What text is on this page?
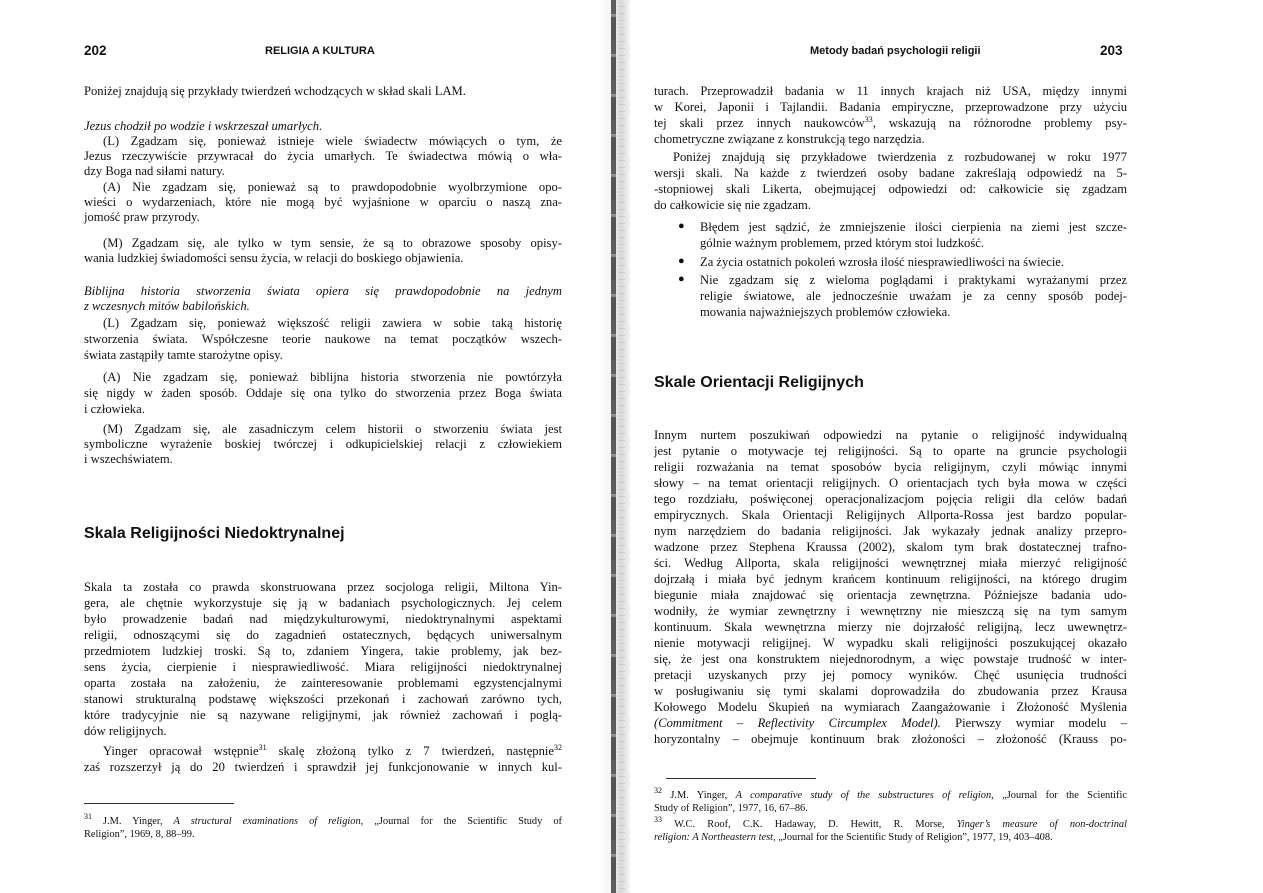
202	RELIGIA A KULTURA
Poniżej znajdują się przykłady twierdzeń wchodzących w skład skali LAM.
Jezus chodził po wodzie i wskrzeszał umarłych.
(L) Zgadzam się, ponieważ istnieje wiele świadectw mówiących o tym, że
Jezus rzeczywiście przywracał do życia umarłych. Te świadectwa mówią o wła-
dzy Boga nad siłami natury.
(A) Nie zgadzam się, ponieważ są to prawdopodobnie wyolbrzymione opo-
wieści o wydarzeniach, które nie mogą być wyjaśnione w oparciu o naszą zna-
jomość praw przyrody.
(M) Zgadzam się, ale tylko w tym sensie, że są to obrazowe sposoby opisy-
wania ludzkiej świadomości sensu życia, w relacji do boskiego objawienia.
Biblijna historia stworzenia świata opiera się prawdopodobnie na jednym
z wczesnych mitów babilońskich.
(L) Zgadzam się, ponieważ większość religii zawiera w sobie taką historię
stworzenia świata. Współczesne teorie naukowe na temat początków wszech-
świata zastąpiły tamte starożytne opisy.
(A) Nie zgadzam się, ponieważ biblijna historia stworzenia nie powtórzyła
się nigdy w żaden sposób. Oddaje się ona tylko do stworzenia przez Boga świata
i człowieka.
(M) Zgadzam się, ale zasadniczym celem historii o stworzeniu świata jest
symboliczne wyrażenie boskiej twórczej i odkupicielskiej relacji z człowiekiem
i wszechświatem.
Skala Religijności Niedoktrynalnej
Skala ta została co prawda skonstruowana przez socjologa religii, Miltona Yin-
gera, ale chętnie wykorzystuje się ją w badaniach psychologicznych. Jej celem
było prowadzenie badań nad międzykulturowymi, niedoktrynalnymi aspektami
religii, odnoszącymi się do zagadnień ostatecznych, będących uniwersalnym
przedmiotem ludzkiej troski. Są to, zdaniem Yingera, takie problemy, jak bez-
sens życia, cierpienie i niesprawiedliwość. Miara religijności niedoktrynalnej
oparta została na założeniu, że zainteresowanie problemami egzystencjalnymi
stanowi strukturalną podstawę większości przekonań i zachowań zarówno tych,
które tradycyjnie nie są nazywane religijnymi, jak również zachowań i poglą-
dów religijnych.
Yinger opracował wstępnie$^{31}$ skalę złożoną tylko z 7 twierdzeń, następnie$^{32}$
zaś rozszerzył ją do 20 twierdzeń i sprawdził jej funkcjonowanie w innych kul-
$^{31}$ J.M. Yinger, A structural examinations of religion, „Journal for the Scientific Study of
Religion”, 1969, 8, 88–99.
Metody badań psychologii religii	203
turach. Przeprowadził badania w 11 innych krajach niż USA, między innymi
w Korei, Japonii i Tajlandii. Badania empiryczne, przeprowadzone przy użyciu
tej skali przez innych naukowców$^{33}$, wskazują na różnorodne problemy psy-
chometryczne związane z konstrukcją tego narzędzia.
Poniżej znajdują się przykładowe twierdzenia z rozbudowanej w roku 1977
wersji skali. Na każde z twierdzeń osoby badane zakreślają odpowiedź na 5-
-stopniowej skali Likerta, obejmującej odpowiedzi od: całkowicie się zgadzam
do całkowicie się nie zgadzam.
● Błędem jest sądzić, że zmniejszenie ilości cierpienia na ziemi jest szcze-
gólnie ważnym problemem, przed którym stoi ludzkość.
● Za życia ostatnich pokoleń wzrosła ilość niesprawiedliwości na świecie.
● Nie zgadzam się z wieloma poglądami i praktykami wyrażanymi przez
religie światowe, ale jednocześnie uważam je za cenny sposób podej-
mowania najważniejszych problemów człowieka.
Skale Orientacji Religijnych
Innym nurtem poszukiwań odpowiedzi na pytanie o religijność indywidualną
jest pytanie o motywacje tej religijności. Są to oparte na gruncie psychologii
religii rozważania na temat sposobów bycia religijnym, czyli mówiąc innymi
słowy – na temat orientacji religijnych. O orientacjach tych była mowa w części
tego rozdziału, poświęconej operacjonalizacjom pojęcia religii dla celów badań
empirycznych. Skala Orientacji Religijnych Allporta-Rossa jest bardzo popular-
nym narzędziem do badania religijności. Jak wykazały jednak analizy przepro-
wadzone przez Stephena Kraussa (2002), skalom tym brak dostatecznej trafno-
ści. Według Allporta, skala religijności wewnętrznej miała mierzyć religijność
dojrzałą i miała być jednym krańcem kontinuum religijności, na którego drugim
biegunie miała znajdować się orientacja zewnętrzna. Późniejsze badania udo-
wodniły, że wymiar zewnętrzny i wewnętrzny nie mieszczą się na tym samym
kontinuum. Skala wewnętrzna mierzy nie dojrzałość religijną, lecz uwewnętrz-
nienie motywacji religijnej. W wypadku skali religijności poszukującej okazało
się, że jest ona konstruktem niejednorodnym, a więc powstaje trudność w inter-
pretacji uzyskanych przy jej pomocy wyników. Chęć usunięcia trudności
w posługiwaniu się tymi skalami doprowadziła do zbudowania przez Krausa
Kołowego Modelu Skupień na wymiarach Zaangażowanie i Złożoność Myślenia
(Commitment – Reflectivity Circumplex Model). Pierwszy wymiar modelu –
horyzontalny – obejmuje kontinuum brak złożoności – złożoność (Krauss po-
$^{32}$ J.M. Yinger, A comparative study of the substructures of religion, „Journal for the Scientific
Study of Religion”, 1977, 16, 67–86.
$^{33}$ W.C. Roof, C.K. Hadaway, D. Hewitt, R. Morse, Yinger’s measure of non-doctrinal
religion: A Northeastern test, „Journal for the Scientific Study of Religion”, 1977, 19, 403–408.
